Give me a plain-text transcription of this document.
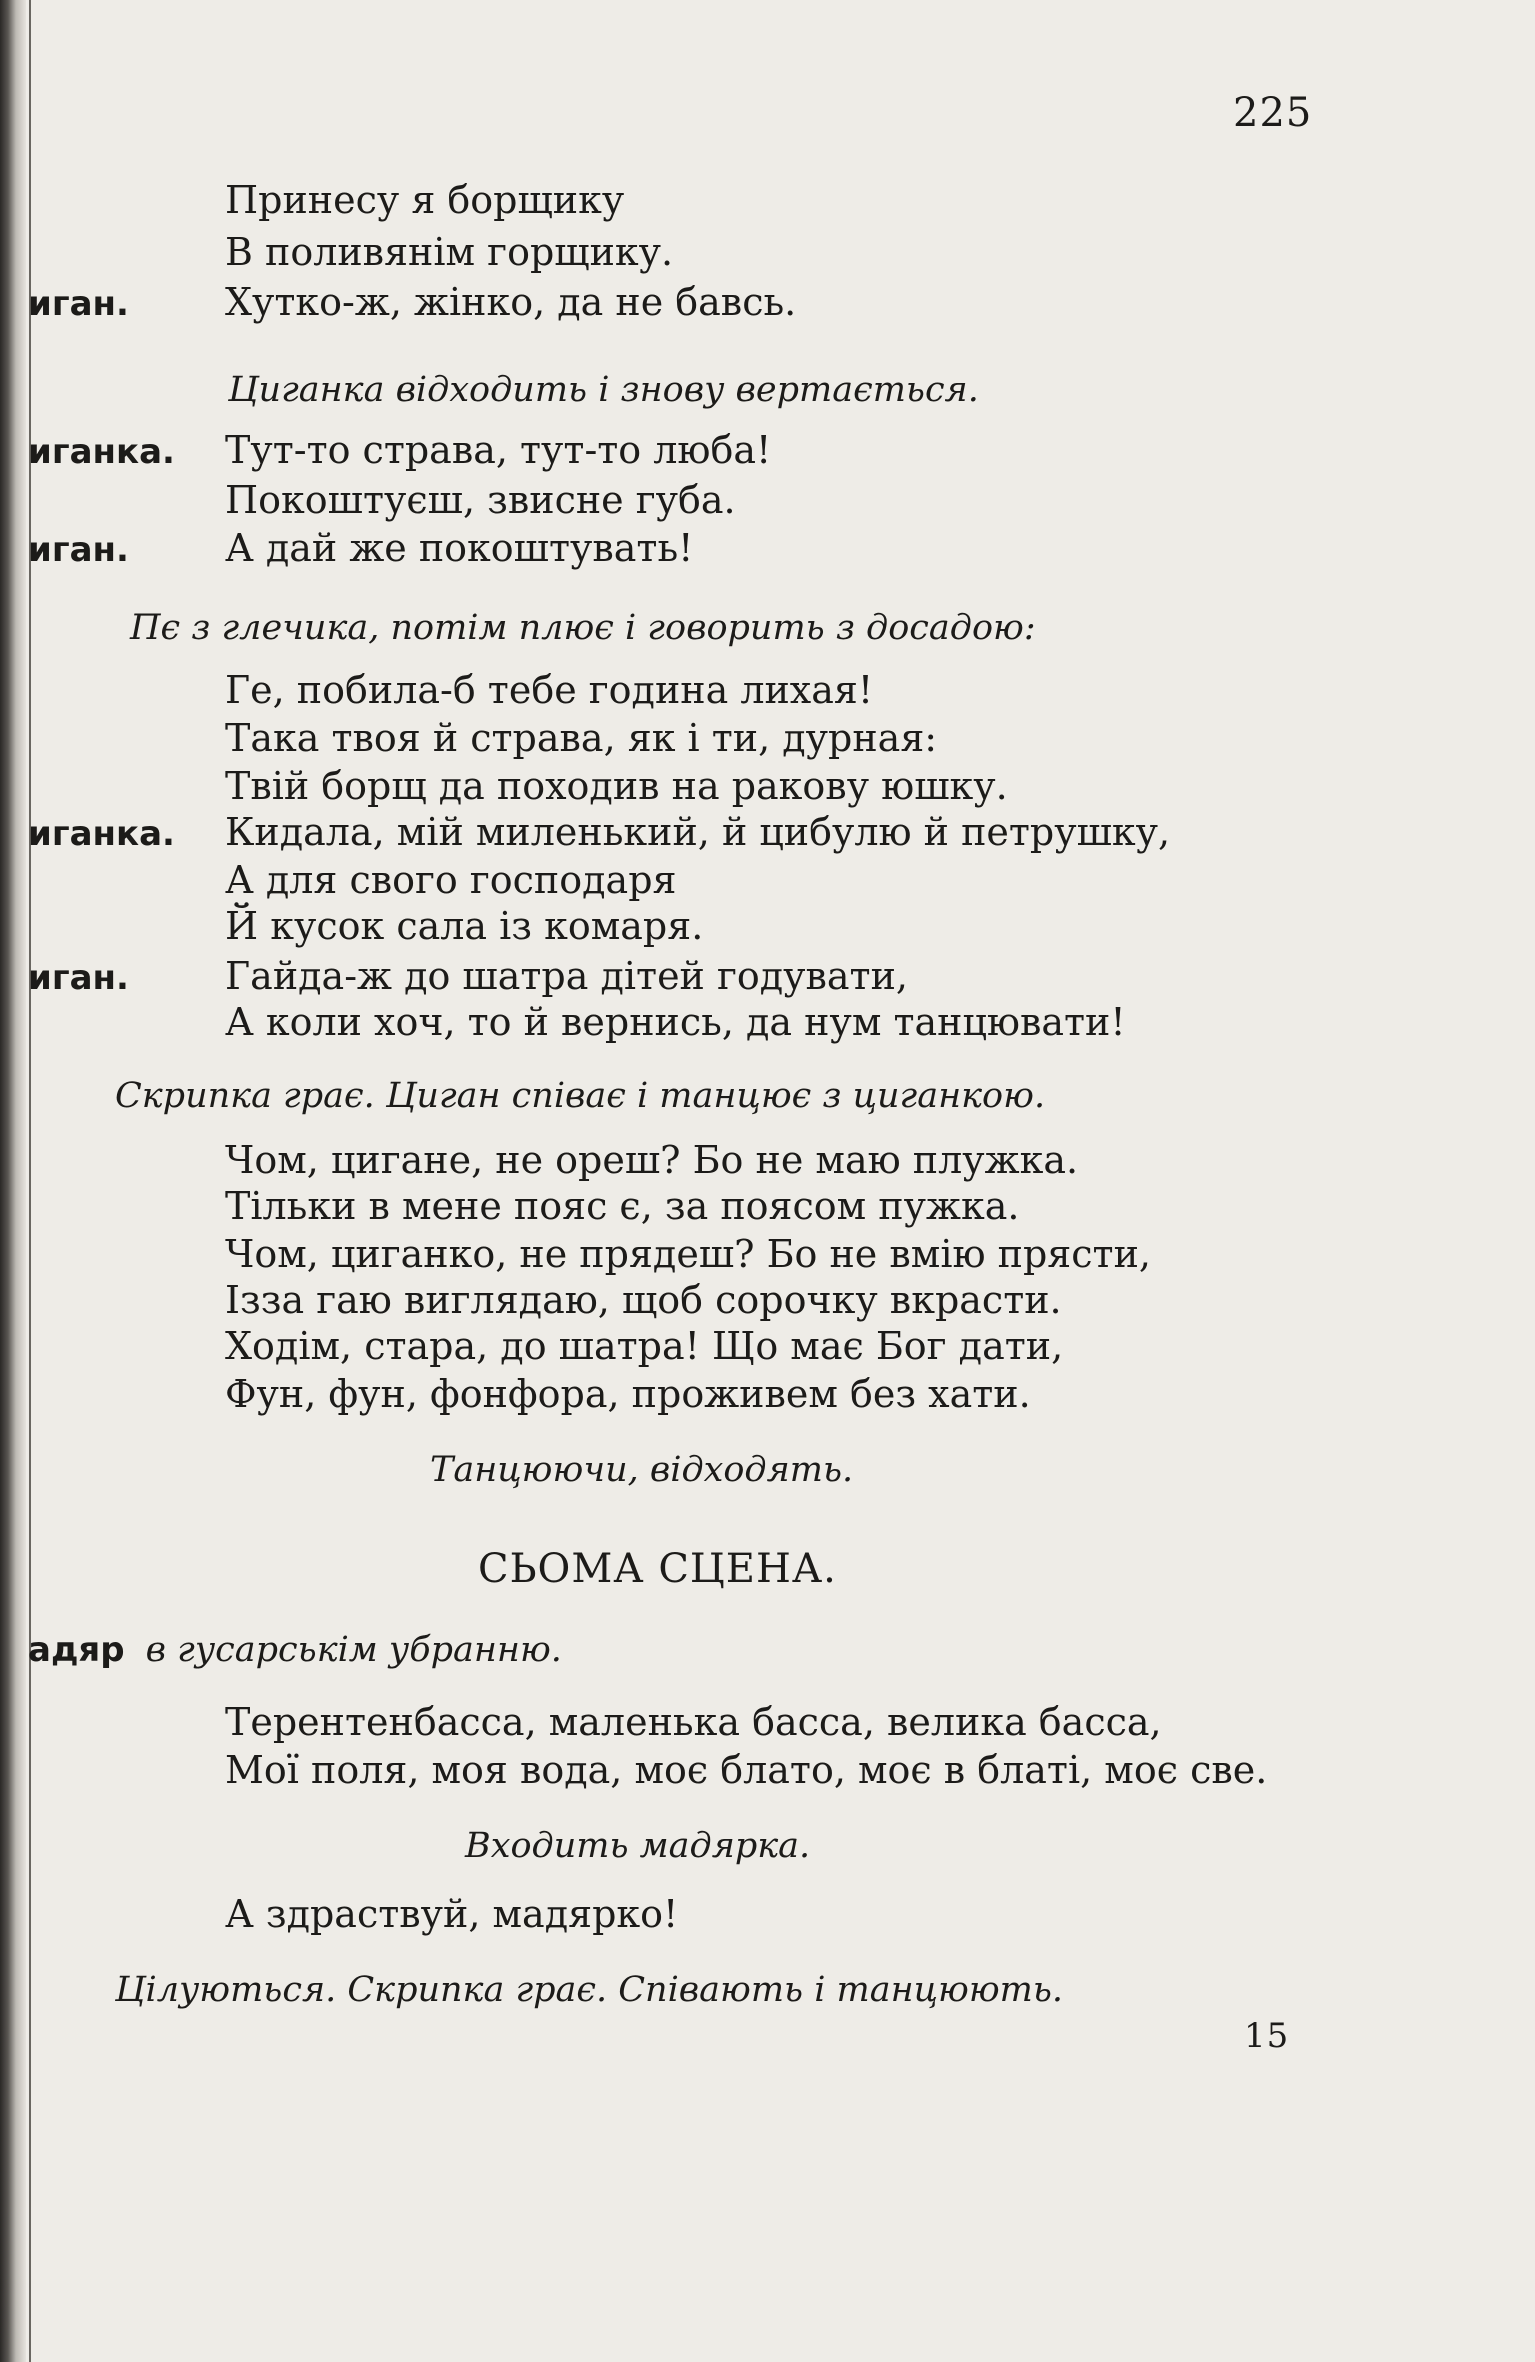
225
Принесу я борщику
В поливянім горщику.
иган.	Хутко-ж, жінко, да не бавсь.
Циганка відходить і знову вертається.
иганка. Тут-то страва, тут-то люба!
Покоштуєш, звисне губа.
иган.	А дай же покоштувать!
Пє з глечика, потім плює і говорить з досадою:
Ге, побила-б тебе година лихая!
Така твоя й страва, як і ти, дурная:
Твій борщ да походив на ракову юшку.
иганка. Кидала, мій миленький, й цибулю й петрушку,
А для свого господаря
Й кусок сала із комаря.
иган.	Гайда-ж до шатра дітей годувати,
А коли хоч, то й вернись, да нум танцювати!
Скрипка грає. Циган співає і танцює з циганкою.
Чом, цигане, не ореш? Бо не маю плужка.
Тільки в мене пояс є, за поясом пужка.
Чом, циганко, не прядеш? Бо не вмію прясти,
Ізза гаю виглядаю, щоб сорочку вкрасти.
Ходім, стара, до шатра! Що має Бог дати,
Фун, фун, фонфора, проживем без хати.
Танцюючи, відходять.
СЬОМА СЦЕНА.
адяр в гусарськім убранню.
Терентенбасса, маленька басса, велика басса,
Мої поля, моя вода, моє блато, моє в блаті, моє све.
Входить мадярка.
А здраствуй, мадярко!
Цілуються. Скрипка грає. Співають і танцюють.
15
